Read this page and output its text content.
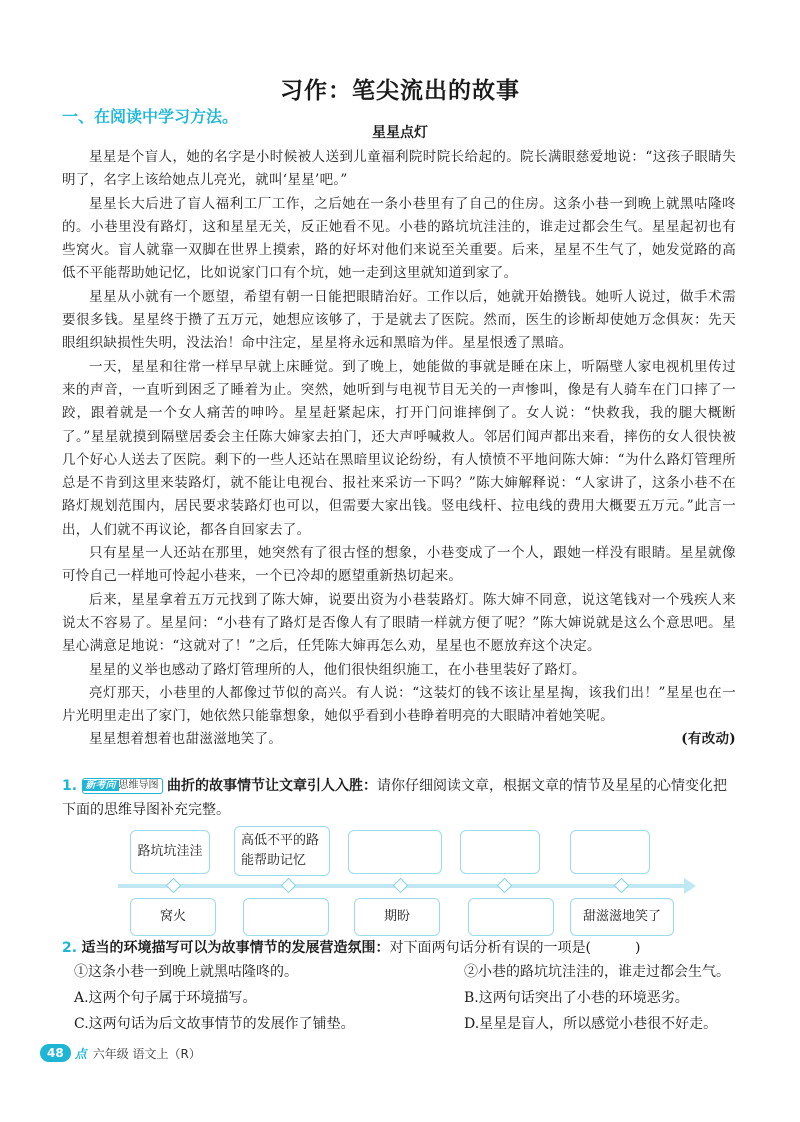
习作：笔尖流出的故事
一、在阅读中学习方法。
星星点灯

星星是个盲人，她的名字是小时候被人送到儿童福利院时院长给起的。院长满眼慈爱地说：“这孩子眼睛失明了，名字上该给她点儿亮光，就叫‘星星’吧。”

星星长大后进了盲人福利工厂工作，之后她在一条小巷里有了自己的住房。这条小巷一到晚上就黑咕隆咚的。小巷里没有路灯，这和星星无关，反正她看不见。小巷的路坑坑洼洼的，谁走过都会生气。星星起初也有些窝火。盲人就靠一双脚在世界上摸索，路的好坏对他们来说至关重要。后来，星星不生气了，她发觉路的高低不平能帮助她记忆，比如说家门口有个坑，她一走到这里就知道到家了。

星星从小就有一个愿望，希望有朝一日能把眼睛治好。工作以后，她就开始攒钱。她听人说过，做手术需要很多钱。星星终于攒了五万元，她想应该够了，于是就去了医院。然而，医生的诊断却使她万念俱灰：先天眼组织缺损性失明，没法治！命中注定，星星将永远和黑暗为伴。星星恨透了黑暗。

一天，星星和往常一样早早就上床睡觉。到了晚上，她能做的事就是睡在床上，听隔壁人家电视机里传过来的声音，一直听到困乏了睡着为止。突然，她听到与电视节目无关的一声惨叫，像是有人骑车在门口摔了一跤，跟着就是一个女人痛苦的呻吟。星星赶紧起床，打开门问谁摔倒了。女人说：“快救我，我的腿大概断了。”星星就摸到隔壁居委会主任陈大婶家去拍门，还大声呼喊救人。邻居们闻声都出来看，摔伤的女人很快被几个好心人送去了医院。剩下的一些人还站在黑暗里议论纷纷，有人愤愤不平地问陈大婶：“为什么路灯管理所总是不肯到这里来装路灯，就不能让电视台、报社来采访一下吗？”陈大婶解释说：“人家讲了，这条小巷不在路灯规划范围内，居民要求装路灯也可以，但需要大家出钱。竖电线杆、拉电线的费用大概要五万元。”此言一出，人们就不再议论，都各自回家去了。

只有星星一人还站在那里，她突然有了很古怪的想象，小巷变成了一个人，跟她一样没有眼睛。星星就像可怜自己一样地可怜起小巷来，一个已冷却的愿望重新热切起来。

后来，星星拿着五万元找到了陈大婶，说要出资为小巷装路灯。陈大婶不同意，说这笔钱对一个残疾人来说太不容易了。星星问：“小巷有了路灯是否像人有了眼睛一样就方便了呢？”陈大婶说就是这么个意思吧。星星心满意足地说：“这就对了！”之后，任凭陈大婶再怎么劝，星星也不愿放弃这个决定。

星星的义举也感动了路灯管理所的人，他们很快组织施工，在小巷里装好了路灯。

亮灯那天，小巷里的人都像过节似的高兴。有人说：“这装灯的钱不该让星星掏，该我们出！”星星也在一片光明里走出了家门，她依然只能靠想象，她似乎看到小巷睁着明亮的大眼睛冲着她笑呢。

星星想着想着也甜滋滋地笑了。	(有改动)

1. 新考向 思维导图 曲折的故事情节让文章引人入胜：请你仔细阅读文章，根据文章的情节及星星的心情变化把下面的思维导图补充完整。
路坑坑洼洼
高低不平的路能帮助记忆
窝火	期盼	甜滋滋地笑了
2. 适当的环境描写可以为故事情节的发展营造氛围：对下面两句话分析有误的一项是(	)
①这条小巷一到晚上就黑咕隆咚的。	②小巷的路坑坑洼洼的，谁走过都会生气。
A.这两个句子属于环境描写。	B.这两句话突出了小巷的环境恶劣。
C.这两句话为后文故事情节的发展作了铺垫。	D.星星是盲人，所以感觉小巷很不好走。
48 点 六年级 语文上（R）
